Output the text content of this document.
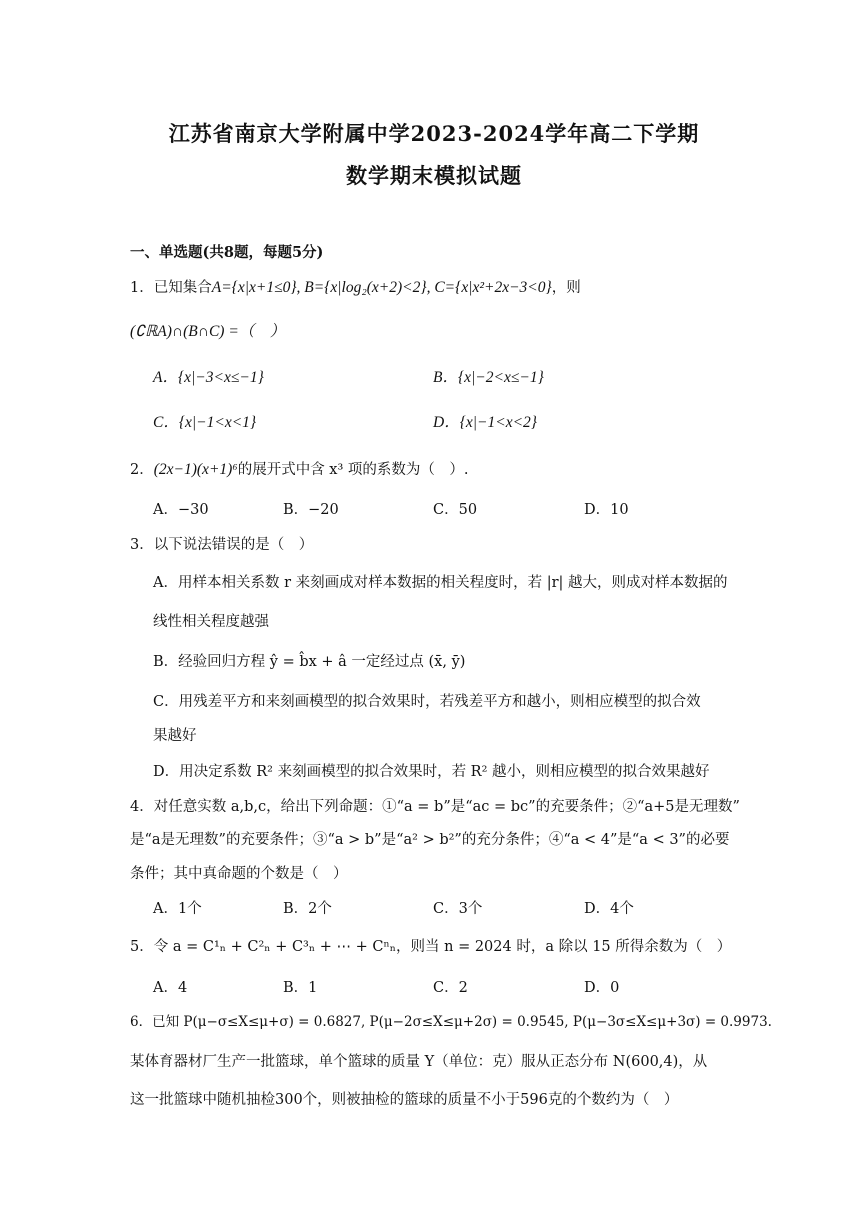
江苏省南京大学附属中学2023-2024学年高二下学期
数学期末模拟试题
一、单选题(共8题，每题5分)
1．已知集合A={x|x+1≤0}, B={x|log₂(x+2)<2}, C={x|x²+2x−3<0}，则
(∁ℝA)∩(B∩C) =（　）
A．{x|−3<x≤−1}	B．{x|−2<x≤−1}
C．{x|−1<x<1}	D．{x|−1<x<2}
2．(2x−1)(x+1)⁶的展开式中含 x³ 项的系数为（　）.
A．−30	B．−20	C．50	D．10
3．以下说法错误的是（　）
A．用样本相关系数 r 来刻画成对样本数据的相关程度时，若 |r| 越大，则成对样本数据的
线性相关程度越强
B．经验回归方程 ŷ = b̂x + â 一定经过点 (x̄, ȳ)
C．用残差平方和来刻画模型的拟合效果时，若残差平方和越小，则相应模型的拟合效
果越好
D．用决定系数 R² 来刻画模型的拟合效果时，若 R² 越小，则相应模型的拟合效果越好
4．对任意实数 a,b,c，给出下列命题：①“a = b”是“ac = bc”的充要条件；②“a+5是无理数”
是“a是无理数”的充要条件；③“a > b”是“a² > b²”的充分条件；④“a < 4”是“a < 3”的必要
条件；其中真命题的个数是（　）
A．1个	B．2个	C．3个	D．4个
5．令 a = C¹ₙ + C²ₙ + C³ₙ + ⋯ + Cⁿₙ，则当 n = 2024 时，a 除以 15 所得余数为（　）
A．4	B．1	C．2	D．0
6．已知 P(μ−σ≤X≤μ+σ) = 0.6827, P(μ−2σ≤X≤μ+2σ) = 0.9545, P(μ−3σ≤X≤μ+3σ) = 0.9973.
某体育器材厂生产一批篮球，单个篮球的质量 Y（单位：克）服从正态分布 N(600,4)，从
这一批篮球中随机抽检300个，则被抽检的篮球的质量不小于596克的个数约为（　）
